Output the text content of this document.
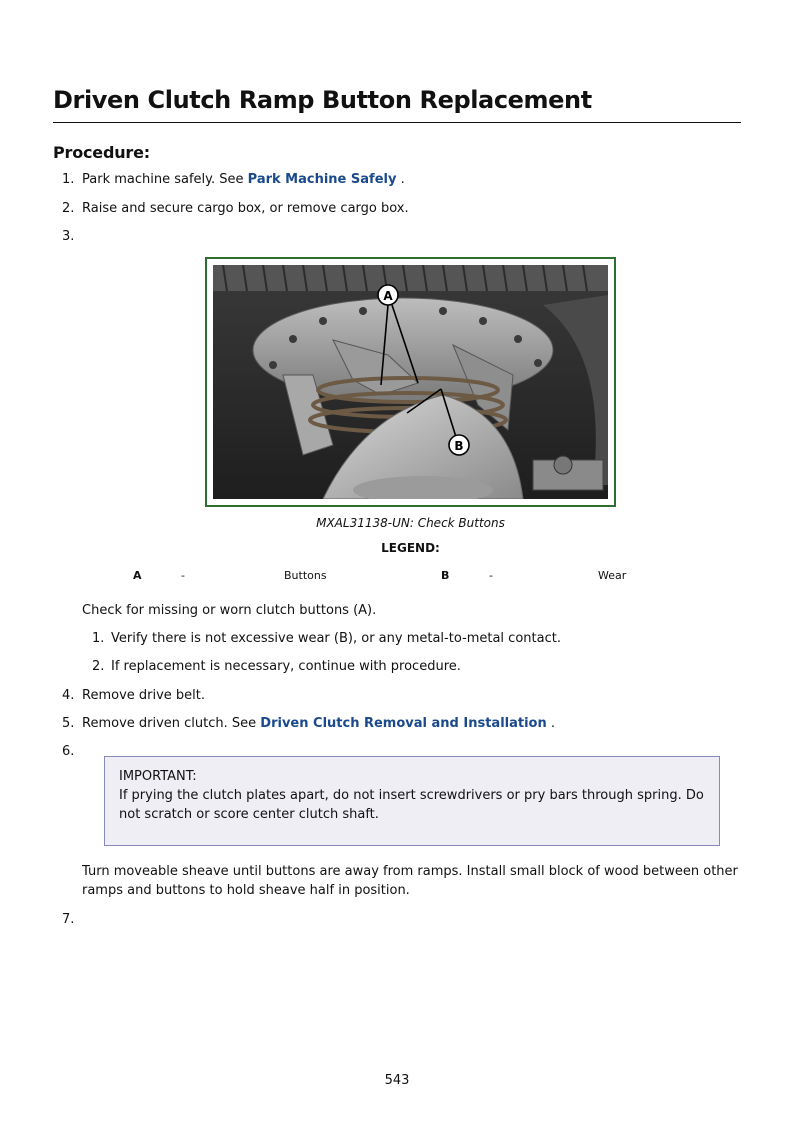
Driven Clutch Ramp Button Replacement
Procedure:
1. Park machine safely. See Park Machine Safely .
2. Raise and secure cargo box, or remove cargo box.
3.
A
B
MXAL31138-UN: Check Buttons
LEGEND:
A	-	Buttons	B	-	Wear
Check for missing or worn clutch buttons (A).
1. Verify there is not excessive wear (B), or any metal-to-metal contact.
2. If replacement is necessary, continue with procedure.
4. Remove drive belt.
5. Remove driven clutch. See Driven Clutch Removal and Installation .
6.
IMPORTANT:
If prying the clutch plates apart, do not insert screwdrivers or pry bars through spring. Do not scratch or score center clutch shaft.
Turn moveable sheave until buttons are away from ramps. Install small block of wood between other ramps and buttons to hold sheave half in position.
7.
543
